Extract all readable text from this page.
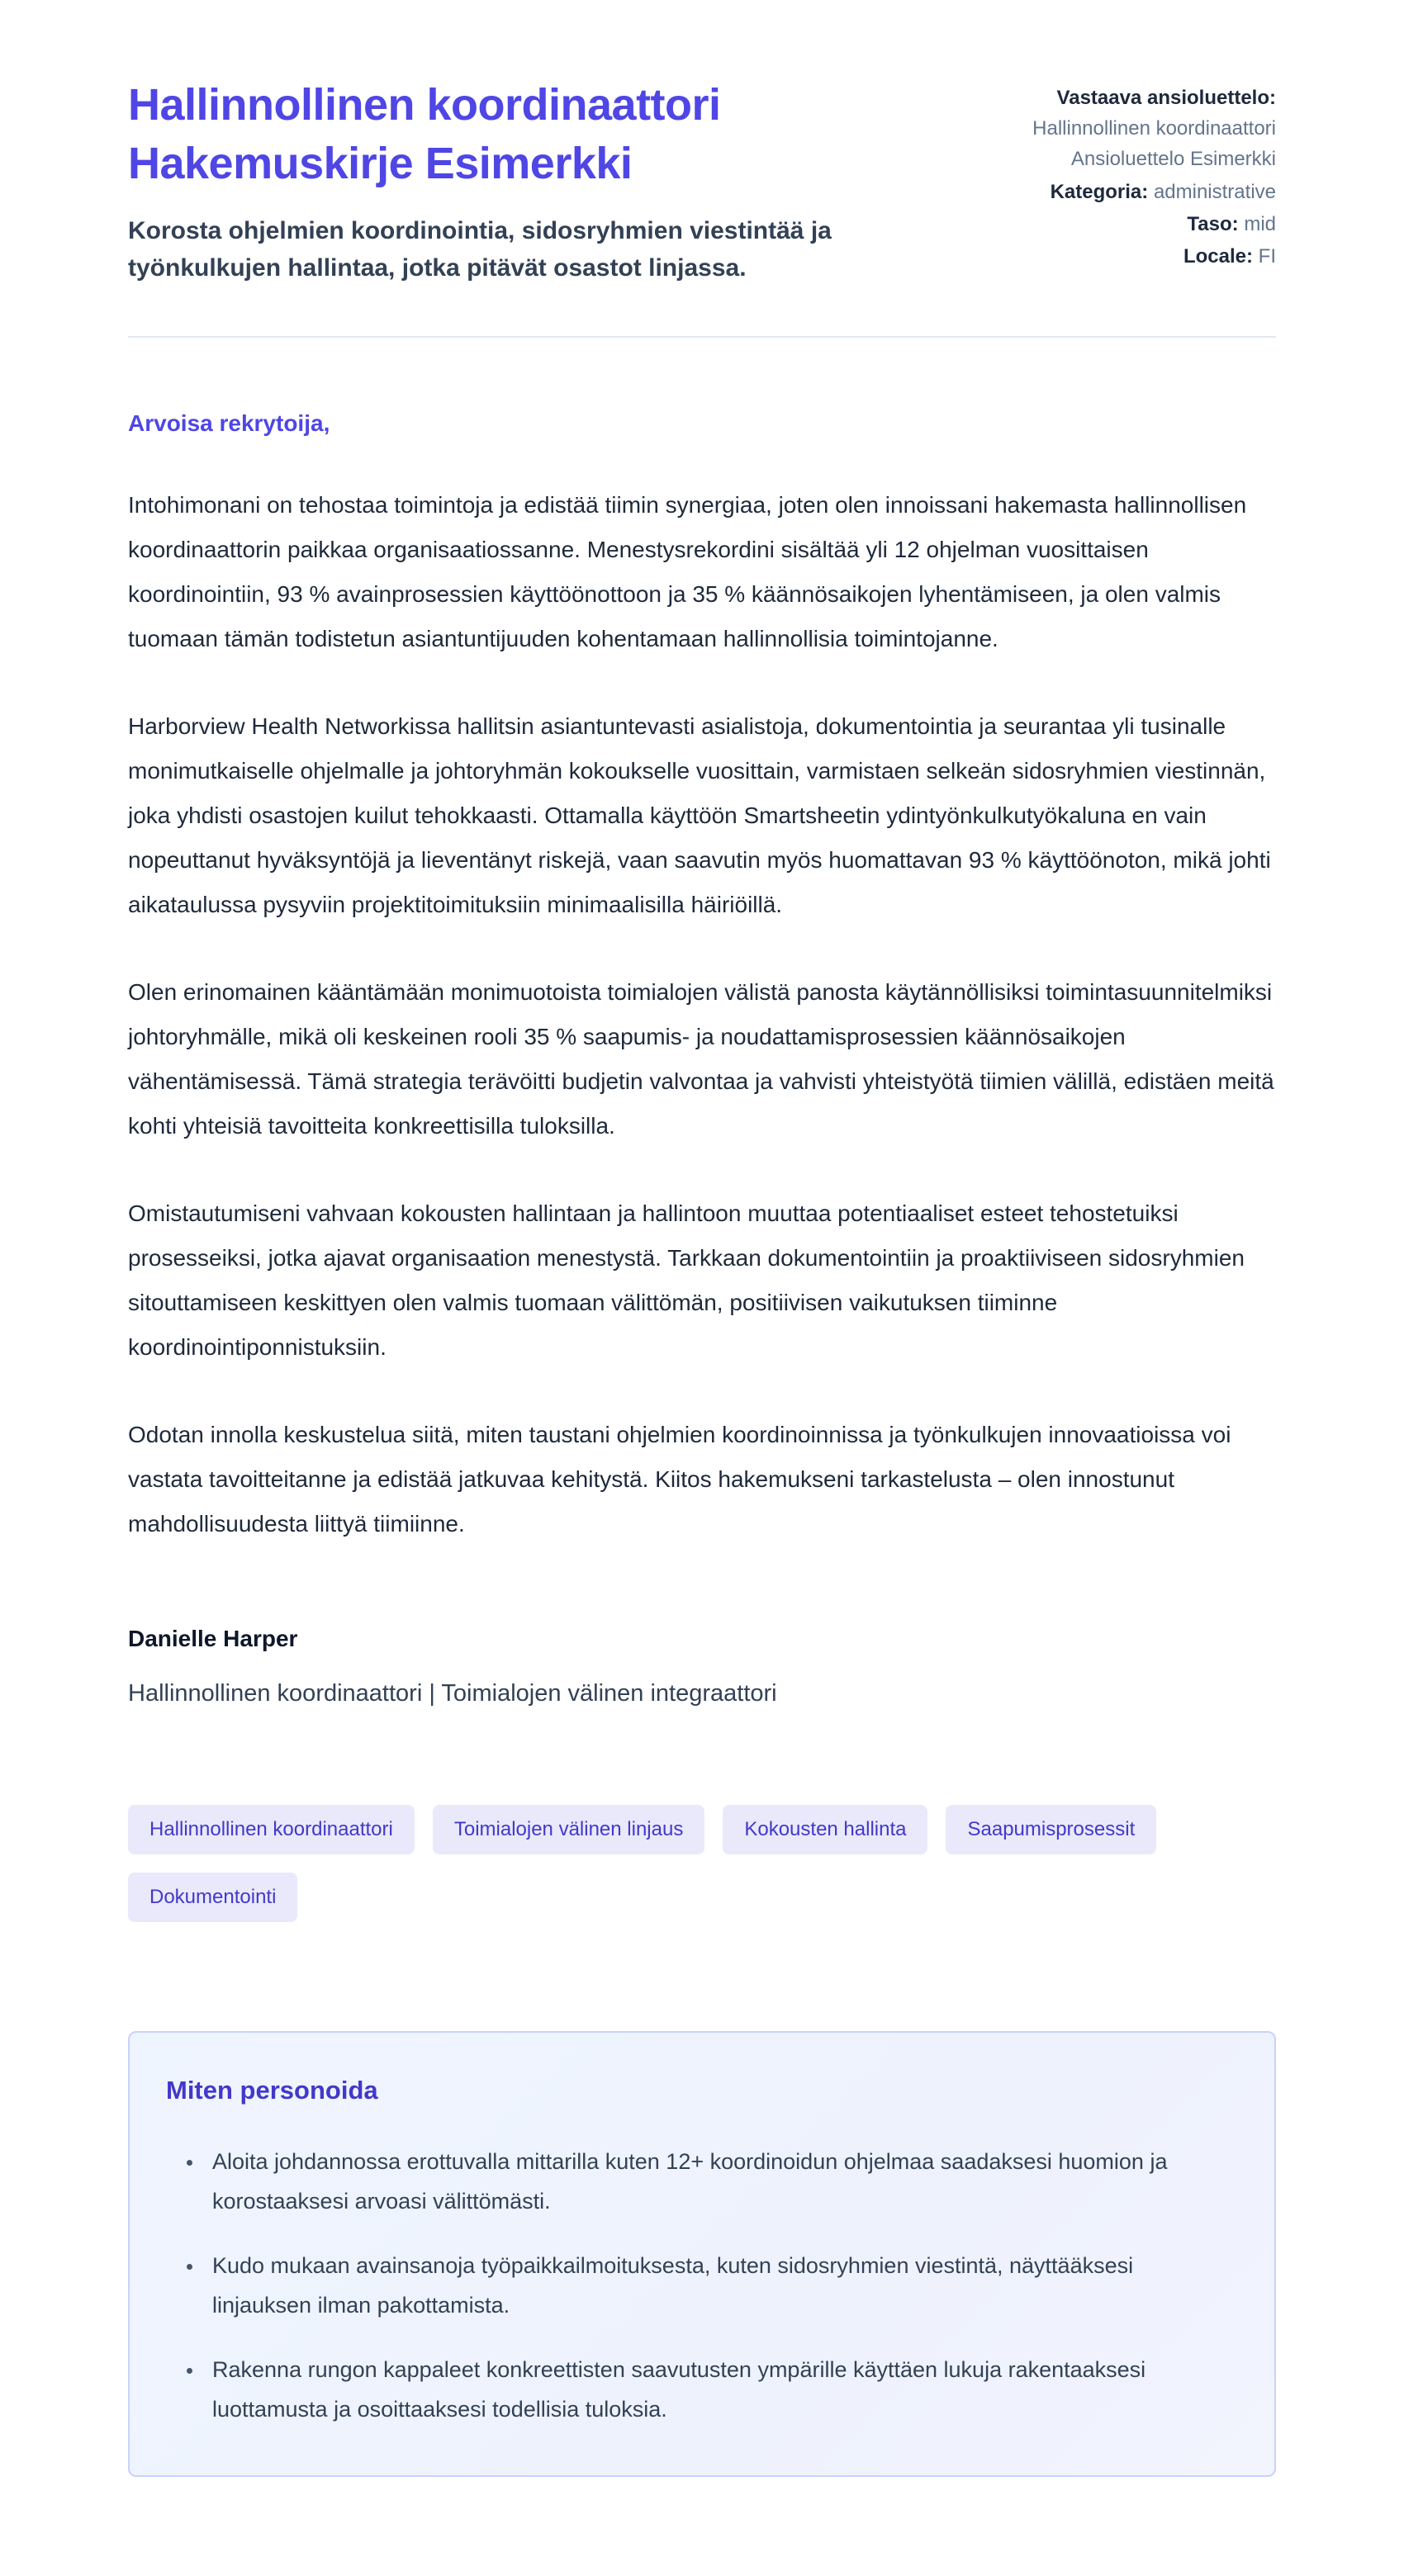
Hallinnollinen koordinaattori Hakemuskirje Esimerkki

Korosta ohjelmien koordinointia, sidosryhmien viestintää ja työnkulkujen hallintaa, jotka pitävät osastot linjassa.

Vastaava ansioluettelo:
Hallinnollinen koordinaattori Ansioluettelo Esimerkki
Kategoria: administrative
Taso: mid
Locale: FI

Arvoisa rekrytoija,

Intohimonani on tehostaa toimintoja ja edistää tiimin synergiaa, joten olen innoissani hakemasta hallinnollisen koordinaattorin paikkaa organisaatiossanne. Menestysrekordini sisältää yli 12 ohjelman vuosittaisen koordinointiin, 93 % avainprosessien käyttöönottoon ja 35 % käännösaikojen lyhentämiseen, ja olen valmis tuomaan tämän todistetun asiantuntijuuden kohentamaan hallinnollisia toimintojanne.

Harborview Health Networkissa hallitsin asiantuntevasti asialistoja, dokumentointia ja seurantaa yli tusinalle monimutkaiselle ohjelmalle ja johtoryhmän kokoukselle vuosittain, varmistaen selkeän sidosryhmien viestinnän, joka yhdisti osastojen kuilut tehokkaasti. Ottamalla käyttöön Smartsheetin ydintyönkulkutyökaluna en vain nopeuttanut hyväksyntöjä ja lieventänyt riskejä, vaan saavutin myös huomattavan 93 % käyttöönoton, mikä johti aikataulussa pysyviin projektitoimituksiin minimaalisilla häiriöillä.

Olen erinomainen kääntämään monimuotoista toimialojen välistä panosta käytännöllisiksi toimintasuunnitelmiksi johtoryhmälle, mikä oli keskeinen rooli 35 % saapumis- ja noudattamisprosessien käännösaikojen vähentämisessä. Tämä strategia terävöitti budjetin valvontaa ja vahvisti yhteistyötä tiimien välillä, edistäen meitä kohti yhteisiä tavoitteita konkreettisilla tuloksilla.

Omistautumiseni vahvaan kokousten hallintaan ja hallintoon muuttaa potentiaaliset esteet tehostetuiksi prosesseiksi, jotka ajavat organisaation menestystä. Tarkkaan dokumentointiin ja proaktiiviseen sidosryhmien sitouttamiseen keskittyen olen valmis tuomaan välittömän, positiivisen vaikutuksen tiiminne koordinointiponnistuksiin.

Odotan innolla keskustelua siitä, miten taustani ohjelmien koordinoinnissa ja työnkulkujen innovaatioissa voi vastata tavoitteitanne ja edistää jatkuvaa kehitystä. Kiitos hakemukseni tarkastelusta – olen innostunut mahdollisuudesta liittyä tiimiinne.

Danielle Harper

Hallinnollinen koordinaattori | Toimialojen välinen integraattori

Hallinnollinen koordinaattori	Toimialojen välinen linjaus	Kokousten hallinta	Saapumisprosessit
Dokumentointi
Miten personoida
• Aloita johdannossa erottuvalla mittarilla kuten 12+ koordinoidun ohjelmaa saadaksesi huomion ja korostaaksesi arvoasi välittömästi.
• Kudo mukaan avainsanoja työpaikkailmoituksesta, kuten sidosryhmien viestintä, näyttääksesi linjauksen ilman pakottamista.
• Rakenna rungon kappaleet konkreettisten saavutusten ympärille käyttäen lukuja rakentaaksesi luottamusta ja osoittaaksesi todellisia tuloksia.
